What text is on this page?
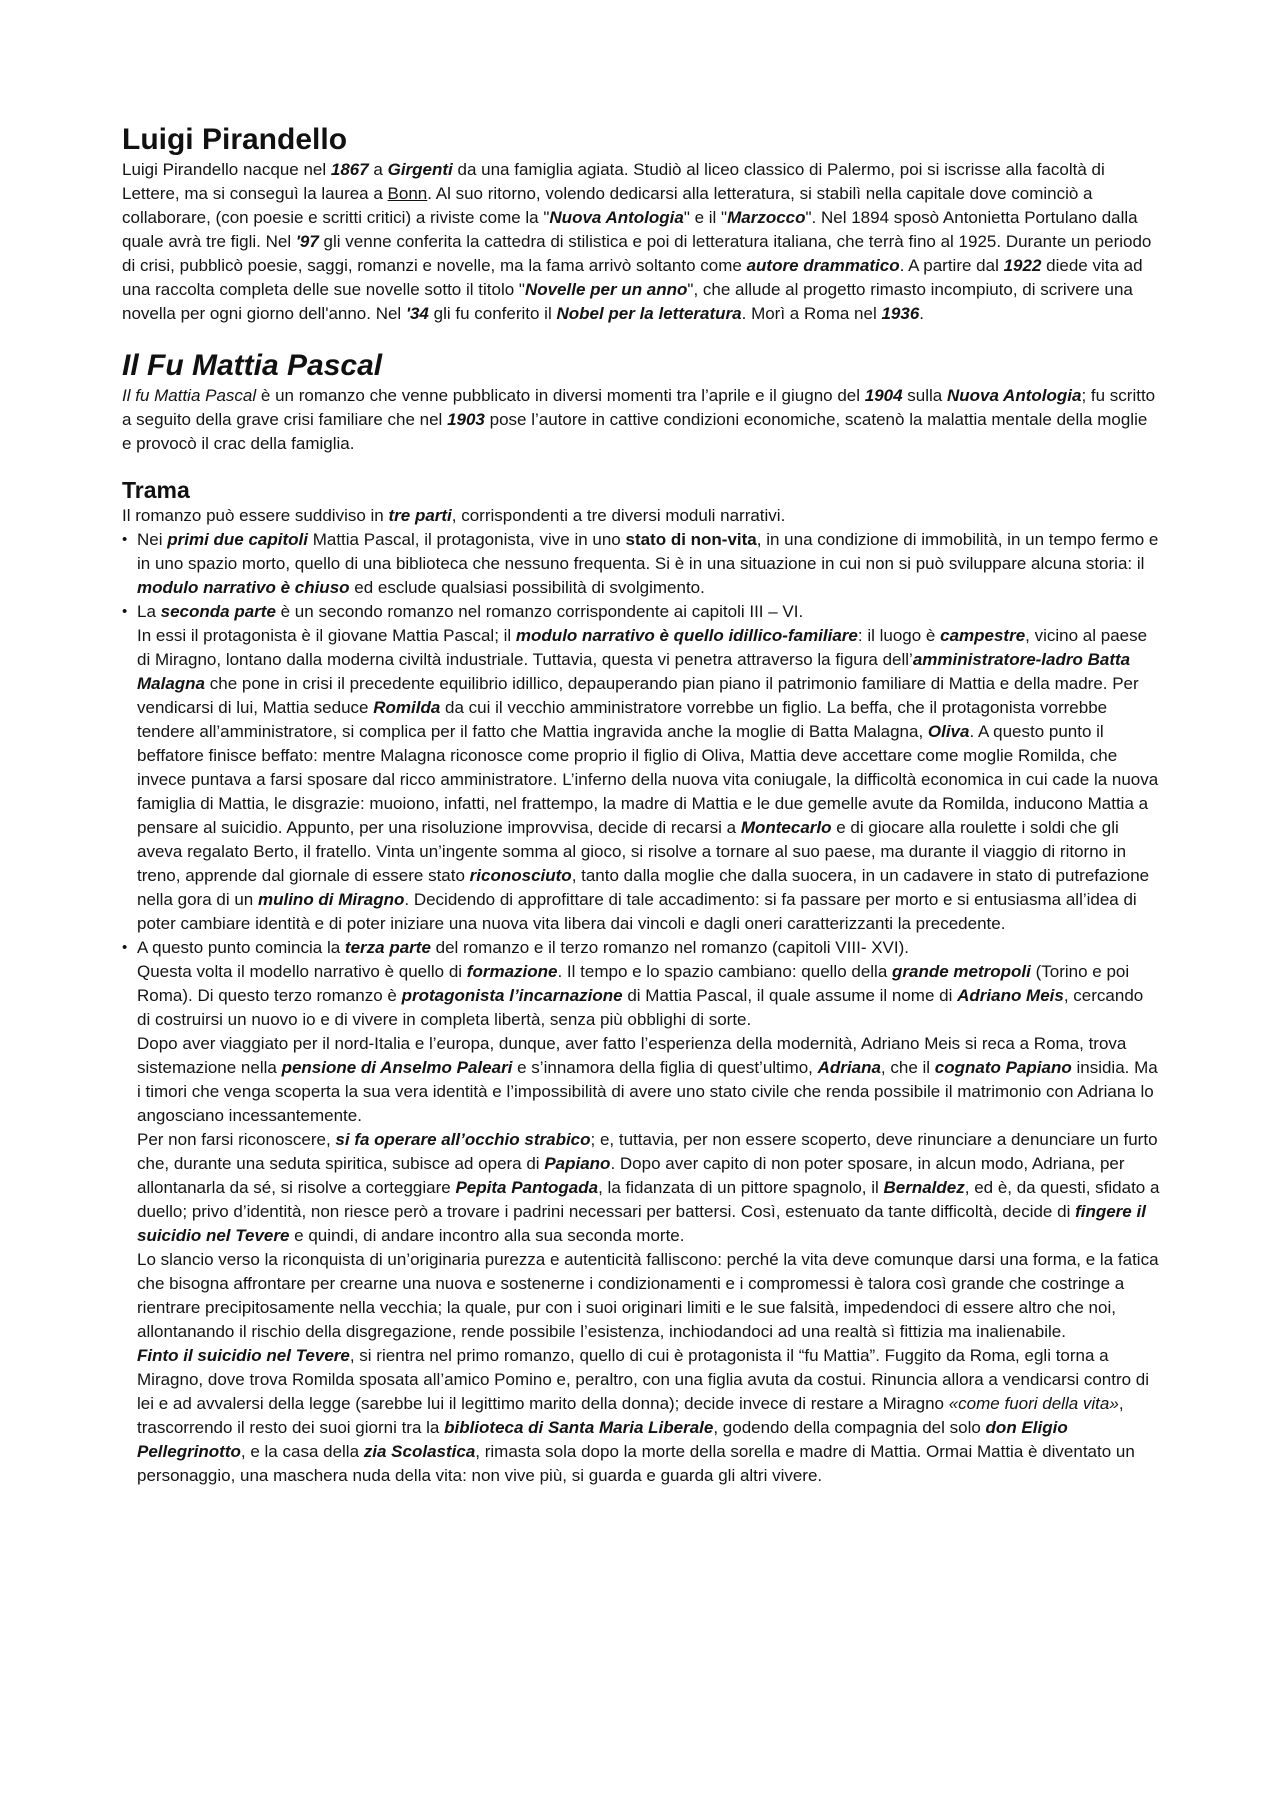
Luigi Pirandello

Luigi Pirandello nacque nel 1867 a Girgenti da una famiglia agiata. Studiò al liceo classico di Palermo, poi si iscrisse alla facoltà di Lettere, ma si conseguì la laurea a Bonn. Al suo ritorno, volendo dedicarsi alla letteratura, si stabilì nella capitale dove cominciò a collaborare, (con poesie e scritti critici) a riviste come la "Nuova Antologia" e il "Marzocco". Nel 1894 sposò Antonietta Portulano dalla quale avrà tre figli. Nel '97 gli venne conferita la cattedra di stilistica e poi di letteratura italiana, che terrà fino al 1925. Durante un periodo di crisi, pubblicò poesie, saggi, romanzi e novelle, ma la fama arrivò soltanto come autore drammatico. A partire dal 1922 diede vita ad una raccolta completa delle sue novelle sotto il titolo "Novelle per un anno", che allude al progetto rimasto incompiuto, di scrivere una novella per ogni giorno dell'anno. Nel '34 gli fu conferito il Nobel per la letteratura. Morì a Roma nel 1936.

Il Fu Mattia Pascal

Il fu Mattia Pascal è un romanzo che venne pubblicato in diversi momenti tra l’aprile e il giugno del 1904 sulla Nuova Antologia; fu scritto a seguito della grave crisi familiare che nel 1903 pose l’autore in cattive condizioni economiche, scatenò la malattia mentale della moglie e provocò il crac della famiglia.

Trama

Il romanzo può essere suddiviso in tre parti, corrispondenti a tre diversi moduli narrativi.

• Nei primi due capitoli Mattia Pascal, il protagonista, vive in uno stato di non-vita, in una condizione di immobilità, in un tempo fermo e in uno spazio morto, quello di una biblioteca che nessuno frequenta. Si è in una situazione in cui non si può sviluppare alcuna storia: il modulo narrativo è chiuso ed esclude qualsiasi possibilità di svolgimento.

• La seconda parte è un secondo romanzo nel romanzo corrispondente ai capitoli III – VI.

In essi il protagonista è il giovane Mattia Pascal; il modulo narrativo è quello idillico-familiare: il luogo è campestre, vicino al paese di Miragno, lontano dalla moderna civiltà industriale. Tuttavia, questa vi penetra attraverso la figura dell’amministratore-ladro Batta Malagna che pone in crisi il precedente equilibrio idillico, depauperando pian piano il patrimonio familiare di Mattia e della madre. Per vendicarsi di lui, Mattia seduce Romilda da cui il vecchio amministratore vorrebbe un figlio. La beffa, che il protagonista vorrebbe tendere all’amministratore, si complica per il fatto che Mattia ingravida anche la moglie di Batta Malagna, Oliva. A questo punto il beffatore finisce beffato: mentre Malagna riconosce come proprio il figlio di Oliva, Mattia deve accettare come moglie Romilda, che invece puntava a farsi sposare dal ricco amministratore. L’inferno della nuova vita coniugale, la difficoltà economica in cui cade la nuova famiglia di Mattia, le disgrazie: muoiono, infatti, nel frattempo, la madre di Mattia e le due gemelle avute da Romilda, inducono Mattia a pensare al suicidio. Appunto, per una risoluzione improvvisa, decide di recarsi a Montecarlo e di giocare alla roulette i soldi che gli aveva regalato Berto, il fratello. Vinta un’ingente somma al gioco, si risolve a tornare al suo paese, ma durante il viaggio di ritorno in treno, apprende dal giornale di essere stato riconosciuto, tanto dalla moglie che dalla suocera, in un cadavere in stato di putrefazione nella gora di un mulino di Miragno. Decidendo di approfittare di tale accadimento: si fa passare per morto e si entusiasma all’idea di poter cambiare identità e di poter iniziare una nuova vita libera dai vincoli e dagli oneri caratterizzanti la precedente.

• A questo punto comincia la terza parte del romanzo e il terzo romanzo nel romanzo (capitoli VIII- XVI).

Questa volta il modello narrativo è quello di formazione. Il tempo e lo spazio cambiano: quello della grande metropoli (Torino e poi Roma). Di questo terzo romanzo è protagonista l’incarnazione di Mattia Pascal, il quale assume il nome di Adriano Meis, cercando di costruirsi un nuovo io e di vivere in completa libertà, senza più obblighi di sorte.

Dopo aver viaggiato per il nord-Italia e l’europa, dunque, aver fatto l’esperienza della modernità, Adriano Meis si reca a Roma, trova sistemazione nella pensione di Anselmo Paleari e s’innamora della figlia di quest’ultimo, Adriana, che il cognato Papiano insidia. Ma i timori che venga scoperta la sua vera identità e l’impossibilità di avere uno stato civile che renda possibile il matrimonio con Adriana lo angosciano incessantemente.

Per non farsi riconoscere, si fa operare all’occhio strabico; e, tuttavia, per non essere scoperto, deve rinunciare a denunciare un furto che, durante una seduta spiritica, subisce ad opera di Papiano. Dopo aver capito di non poter sposare, in alcun modo, Adriana, per allontanarla da sé, si risolve a corteggiare Pepita Pantogada, la fidanzata di un pittore spagnolo, il Bernaldez, ed è, da questi, sfidato a duello; privo d’identità, non riesce però a trovare i padrini necessari per battersi. Così, estenuato da tante difficoltà, decide di fingere il suicidio nel Tevere e quindi, di andare incontro alla sua seconda morte.

Lo slancio verso la riconquista di un’originaria purezza e autenticità falliscono: perché la vita deve comunque darsi una forma, e la fatica che bisogna affrontare per crearne una nuova e sostenerne i condizionamenti e i compromessi è talora così grande che costringe a rientrare precipitosamente nella vecchia; la quale, pur con i suoi originari limiti e le sue falsità, impedendoci di essere altro che noi, allontanando il rischio della disgregazione, rende possibile l’esistenza, inchiodandoci ad una realtà sì fittizia ma inalienabile.

Finto il suicidio nel Tevere, si rientra nel primo romanzo, quello di cui è protagonista il “fu Mattia”. Fuggito da Roma, egli torna a Miragno, dove trova Romilda sposata all’amico Pomino e, peraltro, con una figlia avuta da costui. Rinuncia allora a vendicarsi contro di lei e ad avvalersi della legge (sarebbe lui il legittimo marito della donna); decide invece di restare a Miragno «come fuori della vita», trascorrendo il resto dei suoi giorni tra la biblioteca di Santa Maria Liberale, godendo della compagnia del solo don Eligio Pellegrinotto, e la casa della zia Scolastica, rimasta sola dopo la morte della sorella e madre di Mattia. Ormai Mattia è diventato un personaggio, una maschera nuda della vita: non vive più, si guarda e guarda gli altri vivere.
